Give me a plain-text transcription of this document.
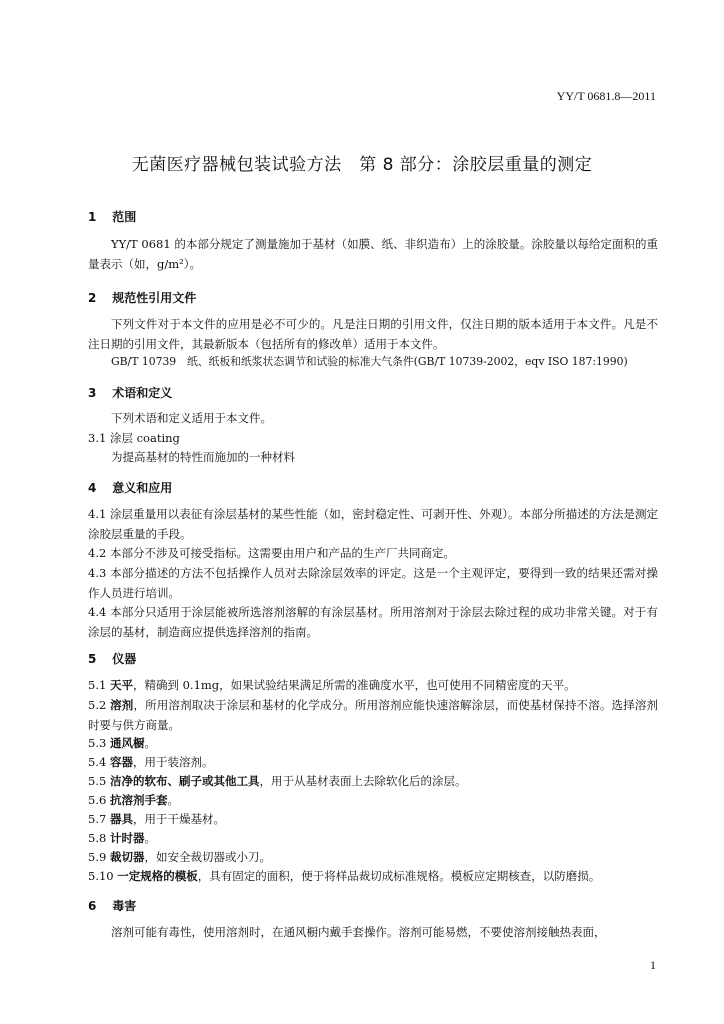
YY/T 0681.8—2011
无菌医疗器械包装试验方法　第 8 部分：涂胶层重量的测定
1 范围
YY/T 0681 的本部分规定了测量施加于基材（如膜、纸、非织造布）上的涂胶量。涂胶量以每给定面积的重量表示（如，g/m²）。
2 规范性引用文件
下列文件对于本文件的应用是必不可少的。凡是注日期的引用文件，仅注日期的版本适用于本文件。凡是不注日期的引用文件，其最新版本（包括所有的修改单）适用于本文件。
GB/T 10739　纸、纸板和纸浆状态调节和试验的标准大气条件(GB/T 10739-2002，eqv ISO 187:1990)
3 术语和定义
下列术语和定义适用于本文件。
3.1 涂层 coating
为提高基材的特性而施加的一种材料
4 意义和应用
4.1 涂层重量用以表征有涂层基材的某些性能（如，密封稳定性、可剥开性、外观）。本部分所描述的方法是测定涂胶层重量的手段。
4.2 本部分不涉及可接受指标。这需要由用户和产品的生产厂共同商定。
4.3 本部分描述的方法不包括操作人员对去除涂层效率的评定。这是一个主观评定，要得到一致的结果还需对操作人员进行培训。
4.4 本部分只适用于涂层能被所选溶剂溶解的有涂层基材。所用溶剂对于涂层去除过程的成功非常关键。对于有涂层的基材，制造商应提供选择溶剂的指南。
5 仪器
5.1 天平，精确到 0.1mg，如果试验结果满足所需的准确度水平，也可使用不同精密度的天平。
5.2 溶剂，所用溶剂取决于涂层和基材的化学成分。所用溶剂应能快速溶解涂层，而使基材保持不溶。选择溶剂时要与供方商量。
5.3 通风橱。
5.4 容器，用于装溶剂。
5.5 洁净的软布、刷子或其他工具，用于从基材表面上去除软化后的涂层。
5.6 抗溶剂手套。
5.7 器具，用于干燥基材。
5.8 计时器。
5.9 裁切器，如安全裁切器或小刀。
5.10 一定规格的模板，具有固定的面积，便于将样品裁切成标准规格。模板应定期核查，以防磨损。
6 毒害
溶剂可能有毒性，使用溶剂时，在通风橱内戴手套操作。溶剂可能易燃，不要使溶剂接触热表面，
1
